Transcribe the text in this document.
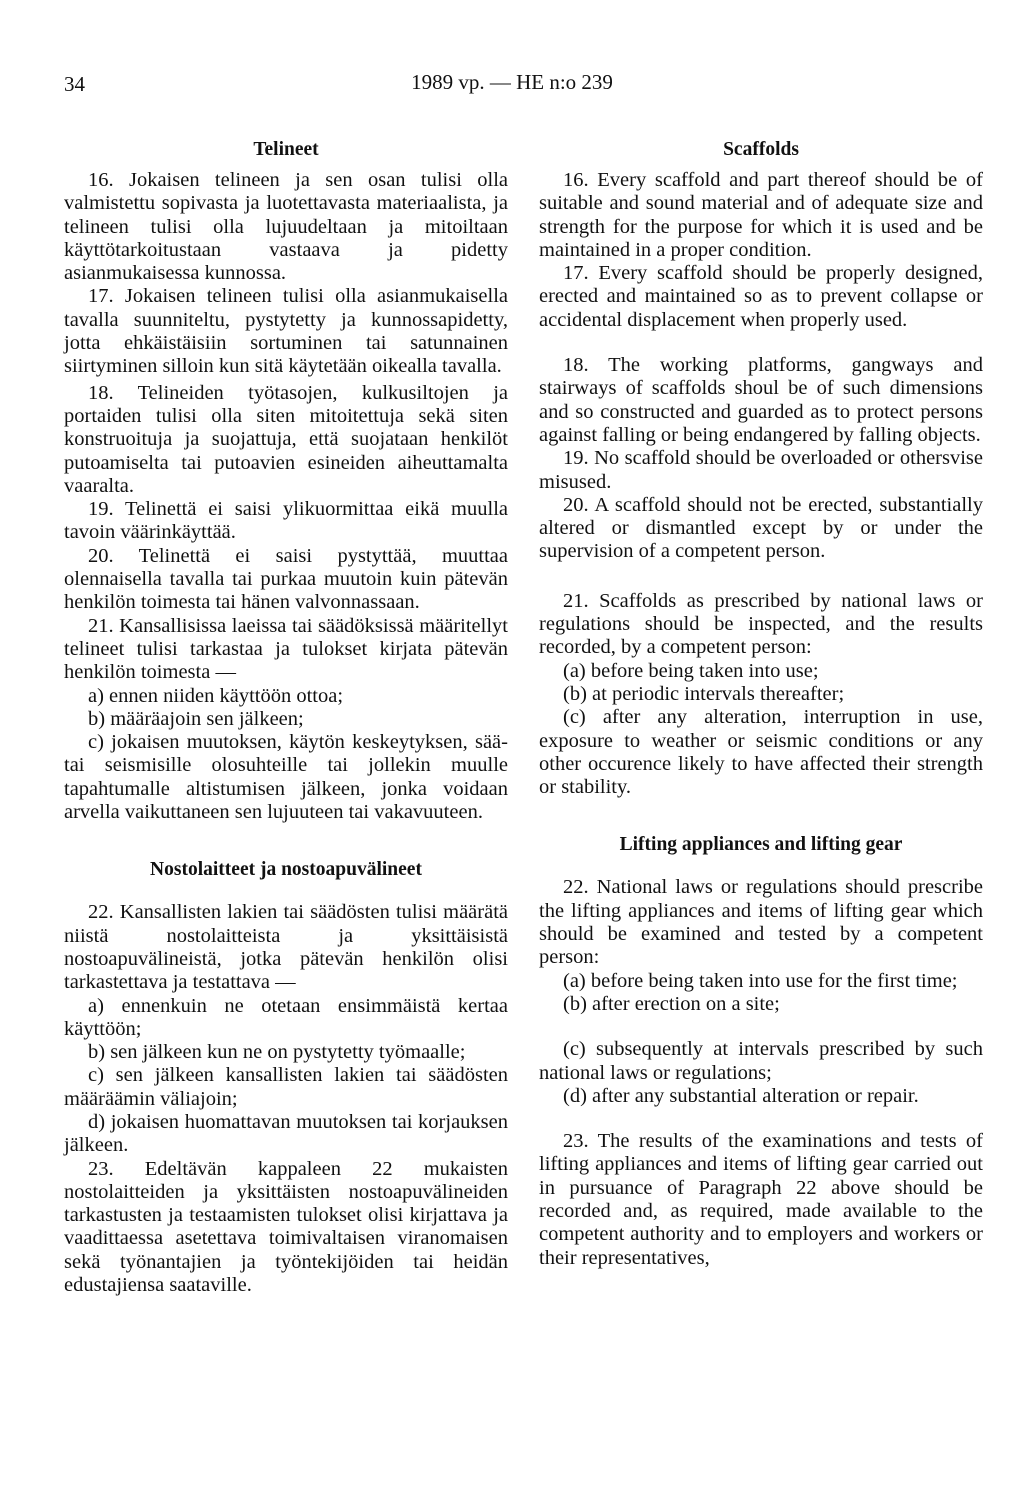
34	1989 vp. — HE n:o 239
Telineet

16. Jokaisen telineen ja sen osan tulisi olla valmistettu sopivasta ja luotettavasta materiaalista, ja telineen tulisi olla lujuudeltaan ja mitoiltaan käyttötarkoitustaan vastaava ja pidetty asianmukaisessa kunnossa.

17. Jokaisen telineen tulisi olla asianmukaisella tavalla suunniteltu, pystytetty ja kunnossapidetty, jotta ehkäistäisiin sortuminen tai satunnainen siirtyminen silloin kun sitä käytetään oikealla tavalla.

18. Telineiden työtasojen, kulkusiltojen ja portaiden tulisi olla siten mitoitettuja sekä siten konstruoituja ja suojattuja, että suojataan henkilöt putoamiselta tai putoavien esineiden aiheuttamalta vaaralta.

19. Telinettä ei saisi ylikuormittaa eikä muulla tavoin väärinkäyttää.

20. Telinettä ei saisi pystyttää, muuttaa olennaisella tavalla tai purkaa muutoin kuin pätevän henkilön toimesta tai hänen valvonnassaan.

21. Kansallisissa laeissa tai säädöksissä määritellyt telineet tulisi tarkastaa ja tulokset kirjata pätevän henkilön toimesta —

a) ennen niiden käyttöön ottoa;

b) määräajoin sen jälkeen;

c) jokaisen muutoksen, käytön keskeytyksen, sää- tai seismisille olosuhteille tai jollekin muulle tapahtumalle altistumisen jälkeen, jonka voidaan arvella vaikuttaneen sen lujuuteen tai vakavuuteen.

Nostolaitteet ja nostoapuvälineet

22. Kansallisten lakien tai säädösten tulisi määrätä niistä nostolaitteista ja yksittäisistä nostoapuvälineistä, jotka pätevän henkilön olisi tarkastettava ja testattava —

a) ennenkuin ne otetaan ensimmäistä kertaa käyttöön;

b) sen jälkeen kun ne on pystytetty työmaalle;

c) sen jälkeen kansallisten lakien tai säädösten määräämin väliajoin;

d) jokaisen huomattavan muutoksen tai korjauksen jälkeen.

23. Edeltävän kappaleen 22 mukaisten nostolaitteiden ja yksittäisten nostoapuvälineiden tarkastusten ja testaamisten tulokset olisi kirjattava ja vaadittaessa asetettava toimivaltaisen viranomaisen sekä työnantajien ja työntekijöiden tai heidän edustajiensa saataville.

Scaffolds

16. Every scaffold and part thereof should be of suitable and sound material and of adequate size and strength for the purpose for which it is used and be maintained in a proper condition.

17. Every scaffold should be properly designed, erected and maintained so as to prevent collapse or accidental displacement when properly used.

18. The working platforms, gangways and stairways of scaffolds shoul be of such dimensions and so constructed and guarded as to protect persons against falling or being endangered by falling objects.

19. No scaffold should be overloaded or othersvise misused.

20. A scaffold should not be erected, substantially altered or dismantled except by or under the supervision of a competent person.

21. Scaffolds as prescribed by national laws or regulations should be inspected, and the results recorded, by a competent person:

(a) before being taken into use;

(b) at periodic intervals thereafter;

(c) after any alteration, interruption in use, exposure to weather or seismic conditions or any other occurence likely to have affected their strength or stability.

Lifting appliances and lifting gear

22. National laws or regulations should prescribe the lifting appliances and items of lifting gear which should be examined and tested by a competent person:

(a) before being taken into use for the first time;

(b) after erection on a site;

(c) subsequently at intervals prescribed by such national laws or regulations;

(d) after any substantial alteration or repair.

23. The results of the examinations and tests of lifting appliances and items of lifting gear carried out in pursuance of Paragraph 22 above should be recorded and, as required, made available to the competent authority and to employers and workers or their representatives,
